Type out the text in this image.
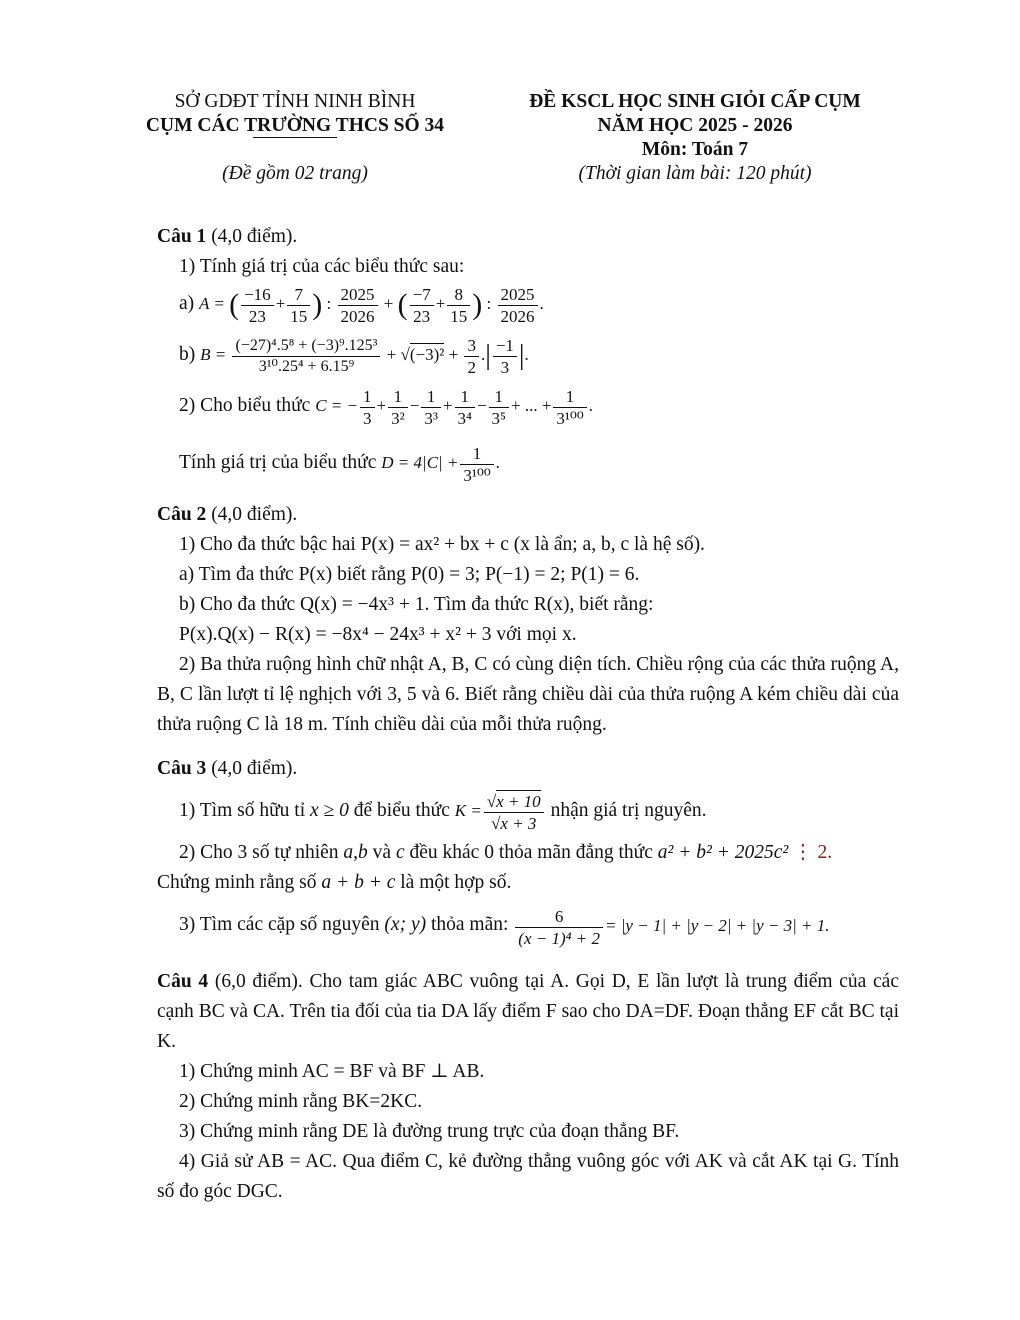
SỞ GDĐT TỈNH NINH BÌNH
CỤM CÁC TRƯỜNG THCS SỐ 34
(Đề gồm 02 trang)
ĐỀ KSCL HỌC SINH GIỎI CẤP CỤM
NĂM HỌC 2025 - 2026
Môn: Toán 7
(Thời gian làm bài: 120 phút)
Câu 1 (4,0 điểm).
1) Tính giá trị của các biểu thức sau:
a) A = ( $\frac{-16}{23} + \frac{7}{15}$ ) : $\frac{2025}{2026}$ + ( $\frac{-7}{23} + \frac{8}{15}$ ) : $\frac{2025}{2026}$ .
b) $B = \frac{\text{(−27)⁴.5⁸ + (−3)⁹.125³}}{\text{3¹⁰.25⁴ + 6.15⁹}} + √(-3)^2 + \frac{3}{2}$ .| $\frac{-1}{3}$ |.
2) Cho biểu thức C = − $\frac{1}{3} + \frac{1}{\text{3²}} - \frac{1}{\text{3³}} + \frac{1}{\text{3⁴}} - \frac{1}{\text{3⁵}}$ + ... + $\frac{1}{\text{3¹⁰⁰}}$ .
Tính giá trị của biểu thức $D = 4|C| + \frac{1}{\text{3¹⁰⁰}}$ .
Câu 2 (4,0 điểm).
1) Cho đa thức bậc hai P(x) = ax² + bx + c (x là ẩn; a, b, c là hệ số).
a) Tìm đa thức P(x) biết rằng P(0) = 3; P(−1) = 2; P(1) = 6.
b) Cho đa thức Q(x) = −4x³ + 1. Tìm đa thức R(x), biết rằng:
P(x).Q(x) − R(x) = −8x⁴ − 24x³ + x² + 3 với mọi x.
2) Ba thửa ruộng hình chữ nhật A, B, C có cùng diện tích. Chiều rộng của các thửa ruộng A, B, C lần lượt tỉ lệ nghịch với 3, 5 và 6. Biết rằng chiều dài của thửa ruộng A kém chiều dài của thửa ruộng C là 18 m. Tính chiều dài của mỗi thửa ruộng.
Câu 3 (4,0 điểm).
1) Tìm số hữu tỉ x ≥ 0 để biểu thức $K = \frac{√x + 10}{√x + 3}$ nhận giá trị nguyên.
2) Cho 3 số tự nhiên a,b và c đều khác 0 thỏa mãn đẳng thức a² + b² + 2025c² ⋮ 2.
Chứng minh rằng số a + b + c là một hợp số.
3) Tìm các cặp số nguyên (x; y) thỏa mãn: $\frac{6}{\text{(x − 1)⁴ + 2}} = |y - 1| + |y - 2| + |y - 3| + 1$.
Câu 4 (6,0 điểm). Cho tam giác ABC vuông tại A. Gọi D, E lần lượt là trung điểm của các cạnh BC và CA. Trên tia đối của tia DA lấy điểm F sao cho DA=DF. Đoạn thẳng EF cắt BC tại K.
1) Chứng minh AC = BF và BF ⊥ AB.
2) Chứng minh rằng BK=2KC.
3) Chứng minh rằng DE là đường trung trực của đoạn thẳng BF.
4) Giả sử AB = AC. Qua điểm C, kẻ đường thẳng vuông góc với AK và cắt AK tại G. Tính số đo góc DGC.
